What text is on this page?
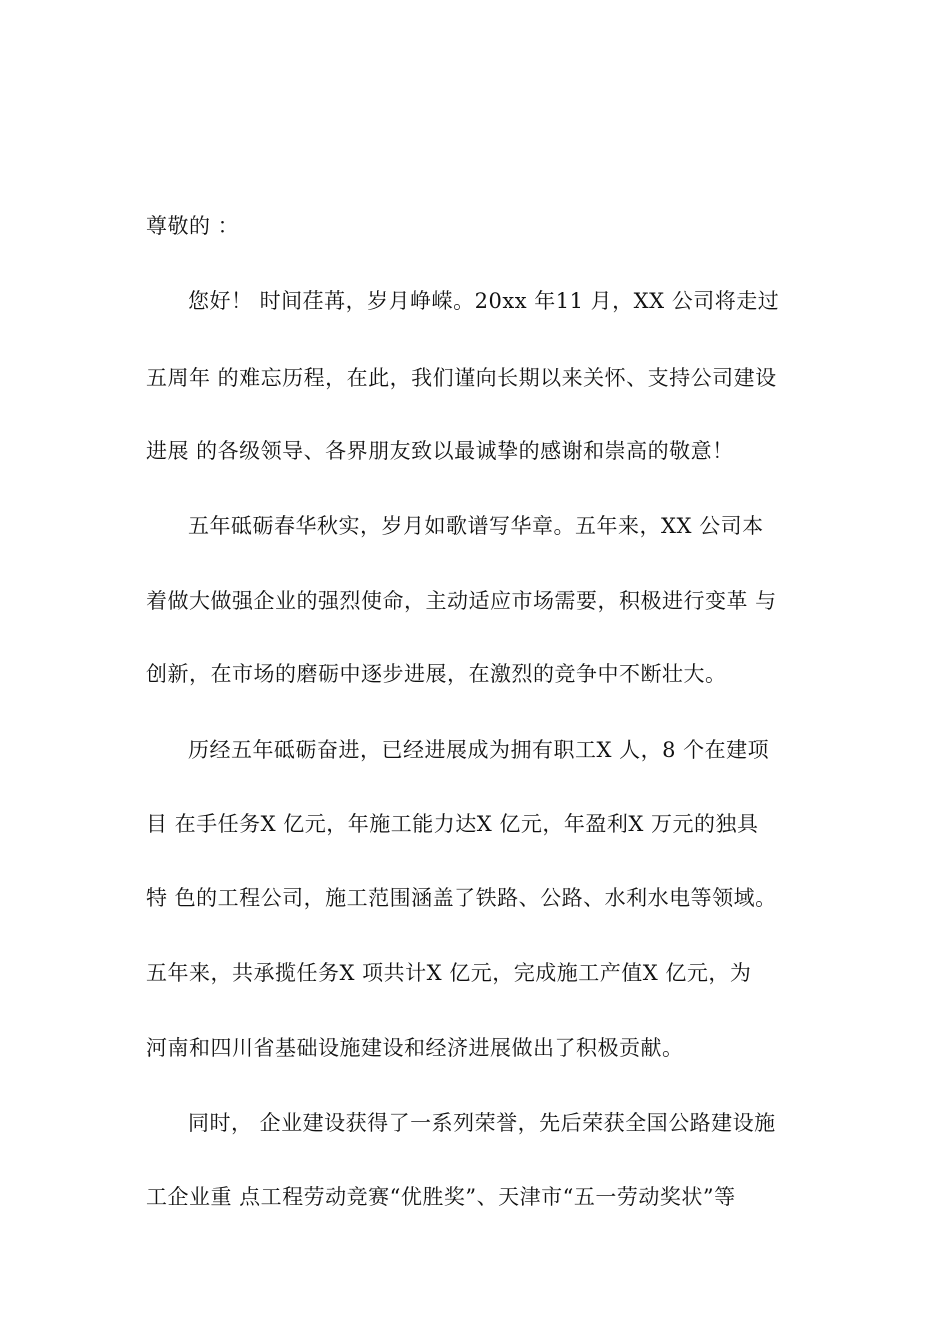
尊敬的 ：
您好！ 时间荏苒，岁月峥嵘。20xx 年11 月，XX 公司将走过
五周年 的难忘历程，在此，我们谨向长期以来关怀、支持公司建设
进展 的各级领导、各界朋友致以最诚挚的感谢和崇高的敬意！
五年砥砺春华秋实，岁月如歌谱写华章。五年来，XX 公司本
着做大做强企业的强烈使命，主动适应市场需要，积极进行变革 与
创新，在市场的磨砺中逐步进展，在激烈的竞争中不断壮大。
历经五年砥砺奋进，已经进展成为拥有职工X 人，8 个在建项
目 在手任务X 亿元，年施工能力达X 亿元，年盈利X 万元的独具
特 色的工程公司，施工范围涵盖了铁路、公路、水利水电等领域。
五年来，共承揽任务X 项共计X 亿元，完成施工产值X 亿元，为
河南和四川省基础设施建设和经济进展做出了积极贡献。
同时， 企业建设获得了一系列荣誉，先后荣获全国公路建设施
工企业重 点工程劳动竞赛“优胜奖”、天津市“五一劳动奖状”等
